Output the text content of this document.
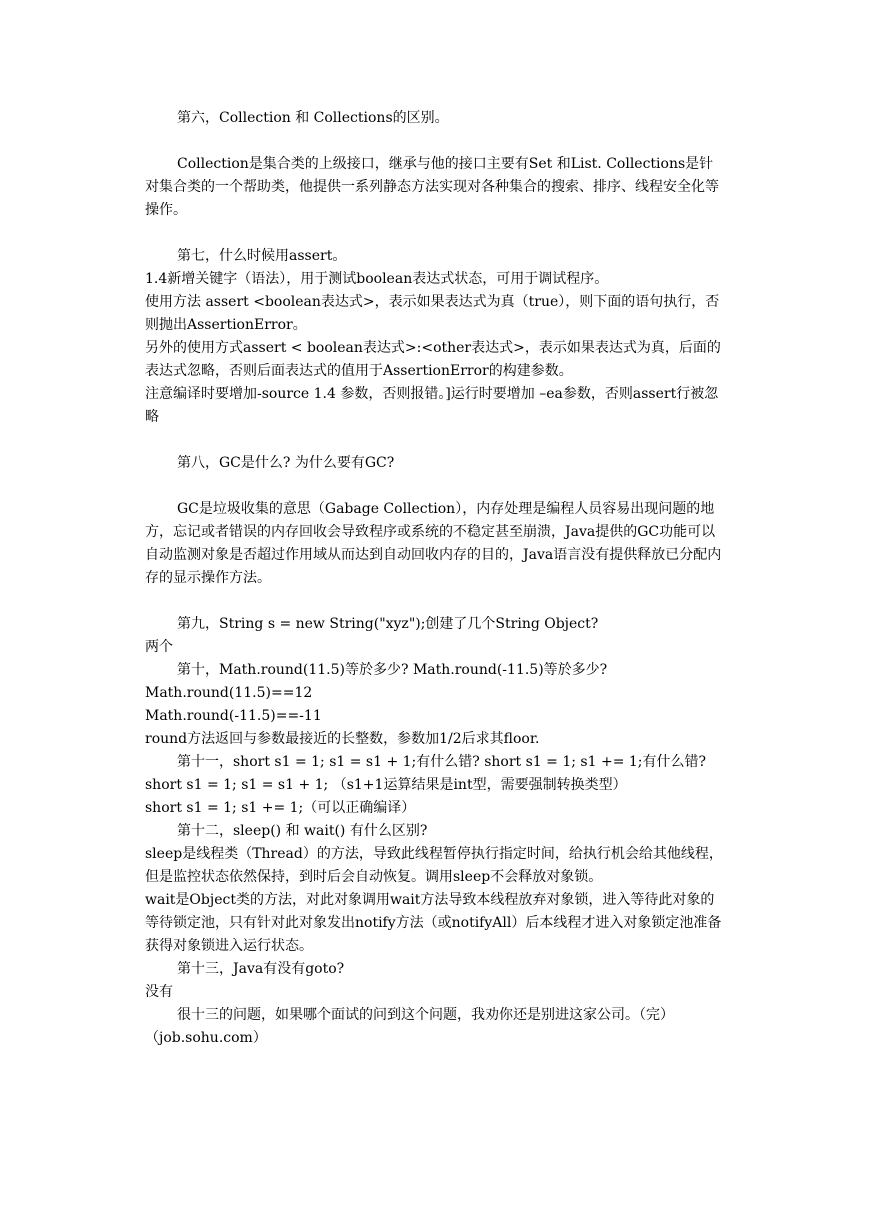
第六，Collection 和 Collections的区别。

Collection是集合类的上级接口，继承与他的接口主要有Set 和List. Collections是针对集合类的一个帮助类，他提供一系列静态方法实现对各种集合的搜索、排序、线程安全化等操作。

第七，什么时候用assert。

1.4新增关键字（语法），用于测试boolean表达式状态，可用于调试程序。

使用方法 assert <boolean表达式>，表示如果表达式为真（true），则下面的语句执行，否则抛出AssertionError。

另外的使用方式assert < boolean表达式>:<other表达式>，表示如果表达式为真，后面的表达式忽略，否则后面表达式的值用于AssertionError的构建参数。

注意编译时要增加-source 1.4 参数，否则报错。]运行时要增加 –ea参数，否则assert行被忽略

第八，GC是什么? 为什么要有GC?

GC是垃圾收集的意思（Gabage Collection），内存处理是编程人员容易出现问题的地方，忘记或者错误的内存回收会导致程序或系统的不稳定甚至崩溃，Java提供的GC功能可以自动监测对象是否超过作用域从而达到自动回收内存的目的，Java语言没有提供释放已分配内存的显示操作方法。

第九，String s = new String("xyz");创建了几个String Object?

两个

第十，Math.round(11.5)等於多少? Math.round(-11.5)等於多少?

Math.round(11.5)==12

Math.round(-11.5)==-11

round方法返回与参数最接近的长整数，参数加1/2后求其floor.

第十一，short s1 = 1; s1 = s1 + 1;有什么错? short s1 = 1; s1 += 1;有什么错?

short s1 = 1; s1 = s1 + 1; （s1+1运算结果是int型，需要强制转换类型）

short s1 = 1; s1 += 1;（可以正确编译）

第十二，sleep() 和 wait() 有什么区别?

sleep是线程类（Thread）的方法，导致此线程暂停执行指定时间，给执行机会给其他线程，但是监控状态依然保持，到时后会自动恢复。调用sleep不会释放对象锁。

wait是Object类的方法，对此对象调用wait方法导致本线程放弃对象锁，进入等待此对象的等待锁定池，只有针对此对象发出notify方法（或notifyAll）后本线程才进入对象锁定池准备获得对象锁进入运行状态。

第十三，Java有没有goto?

没有

很十三的问题，如果哪个面试的问到这个问题，我劝你还是别进这家公司。（完）（job.sohu.com）
